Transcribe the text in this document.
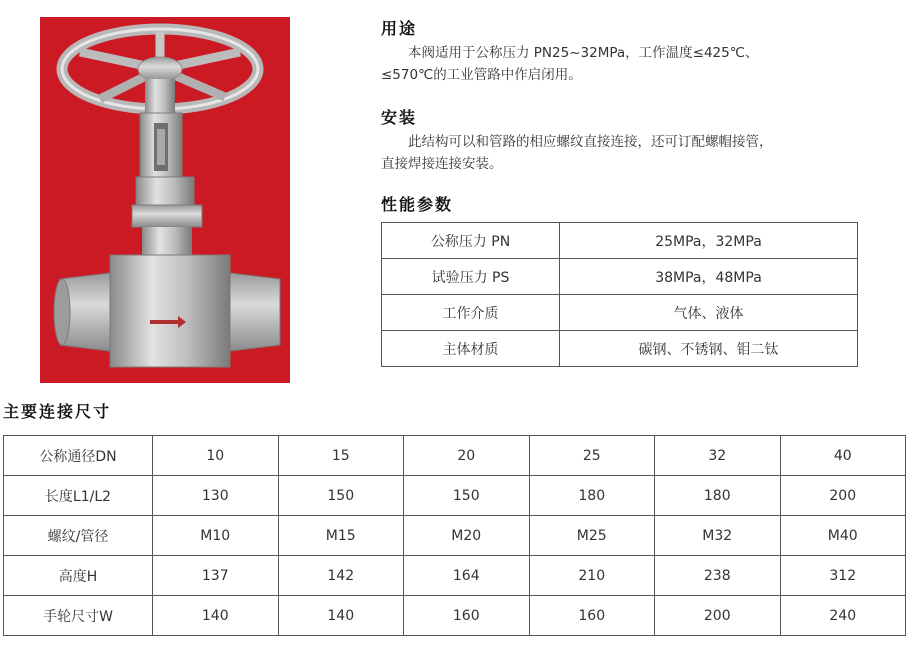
用途

本阀适用于公称压力 PN25~32MPa，工作温度≤425℃、
≤570℃的工业管路中作启闭用。

安装

此结构可以和管路的相应螺纹直接连接，还可订配螺帽接管，
直接焊接连接安装。

性能参数
公称压力 PN	25MPa，32MPa
试验压力 PS	38MPa，48MPa
工作介质	气体、液体
主体材质	碳钢、不锈钢、钼二钛
主要连接尺寸
公称通径DN	10	15	20	25	32	40
长度L1/L2	130	150	150	180	180	200
螺纹/管径	M10	M15	M20	M25	M32	M40
高度H	137	142	164	210	238	312
手轮尺寸W	140	140	160	160	200	240
